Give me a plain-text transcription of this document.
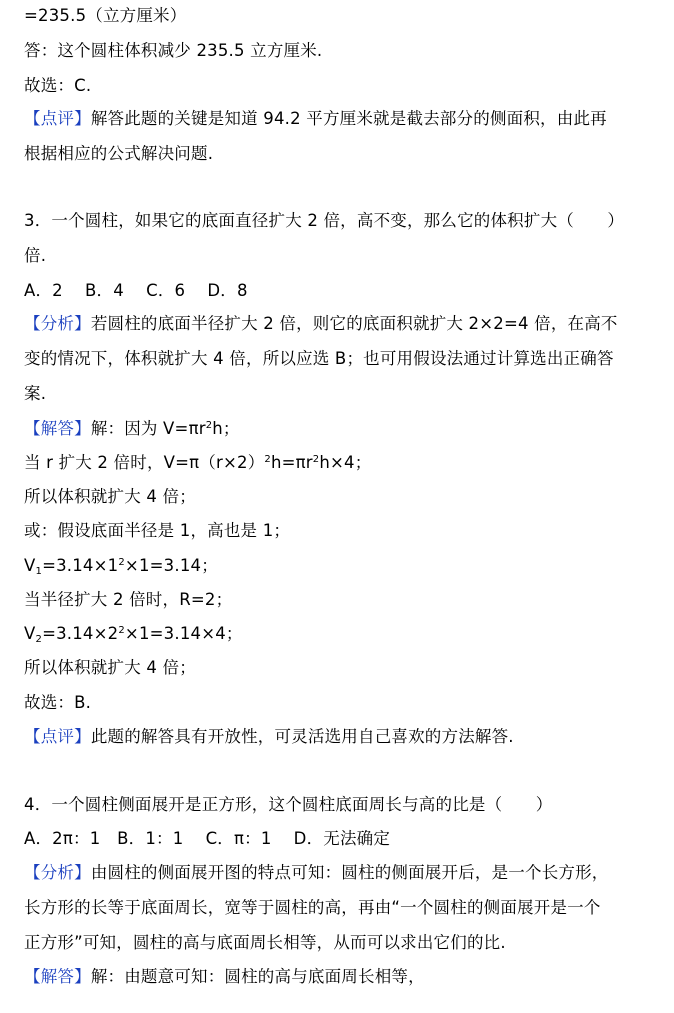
=235.5（立方厘米）
答：这个圆柱体积减少 235.5 立方厘米.
故选：C.
【点评】解答此题的关键是知道 94.2 平方厘米就是截去部分的侧面积，由此再
根据相应的公式解决问题.
3．一个圆柱，如果它的底面直径扩大 2 倍，高不变，那么它的体积扩大（　　）
倍.
A．2　 B．4　 C．6　 D．8
【分析】若圆柱的底面半径扩大 2 倍，则它的底面积就扩大 2×2=4 倍，在高不
变的情况下，体积就扩大 4 倍，所以应选 B；也可用假设法通过计算选出正确答
案.
【解答】解：因为 $V=\pi r^2h$；
当 r 扩大 2 倍时，$V=\pi(r\times 2)^2h=\pi r^2h\times 4$；
所以体积就扩大 4 倍；
或：假设底面半径是 1，高也是 1；
$V_1=3.14\times 1^2\times 1=3.14$；
当半径扩大 2 倍时，R=2；
$V_2=3.14\times 2^2\times 1=3.14\times 4$；
所以体积就扩大 4 倍；
故选：B.
【点评】此题的解答具有开放性，可灵活选用自己喜欢的方法解答.
4．一个圆柱侧面展开是正方形，这个圆柱底面周长与高的比是（　　）
A．2π：1　B．1：1　 C．π：1　 D．无法确定
【分析】由圆柱的侧面展开图的特点可知：圆柱的侧面展开后，是一个长方形，
长方形的长等于底面周长，宽等于圆柱的高，再由“一个圆柱的侧面展开是一个
正方形”可知，圆柱的高与底面周长相等，从而可以求出它们的比.
【解答】解：由题意可知：圆柱的高与底面周长相等，
